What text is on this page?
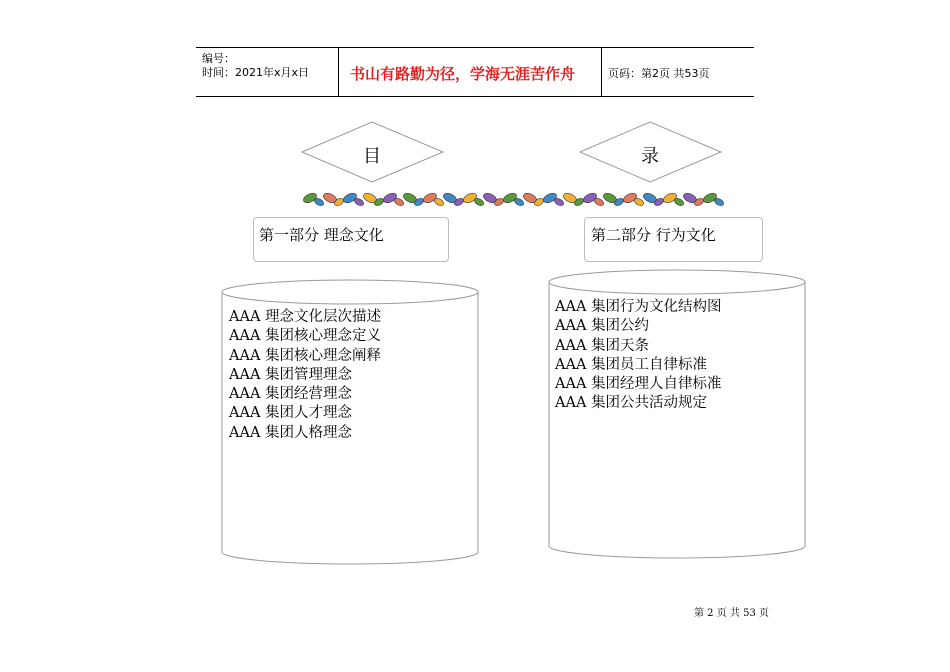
编号：
时间：2021年x月x日	书山有路勤为径，学海无涯苦作舟	页码：第2页 共53页
目	录
第一部分 理念文化	第二部分 行为文化
AAA 理念文化层次描述
AAA 集团核心理念定义
AAA 集团核心理念阐释
AAA 集团管理理念
AAA 集团经营理念
AAA 集团人才理念
AAA 集团人格理念
AAA 集团行为文化结构图
AAA 集团公约
AAA 集团天条
AAA 集团员工自律标准
AAA 集团经理人自律标准
AAA 集团公共活动规定
第 2 页 共 53 页
